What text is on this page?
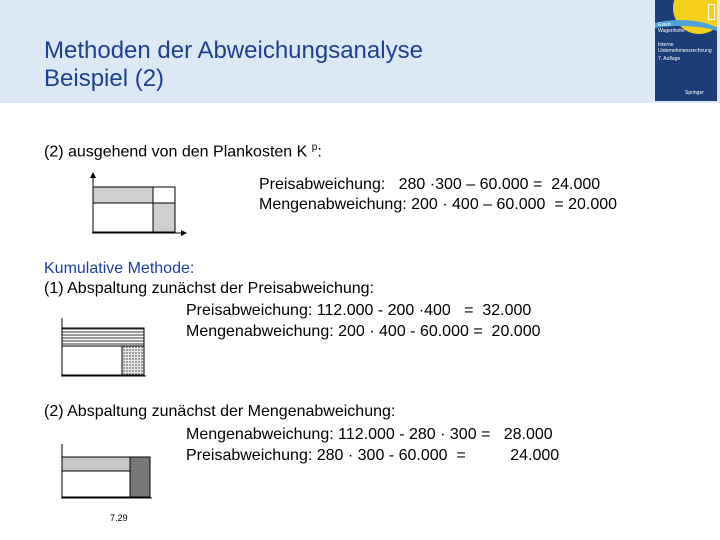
Methoden der Abweichungsanalyse
Beispiel (2)
Ewert
Wagenhofer
Interne
Unternehmensrechnung
7. Auflage
Springer
(2) ausgehend von den Plankosten K $^p$:
Preisabweichung:   280 ·300 – 60.000 =  24.000
Mengenabweichung: 200 · 400 – 60.000  = 20.000
Kumulative Methode:
(1) Abspaltung zunächst der Preisabweichung:
Preisabweichung: 112.000 - 200 ·400   =  32.000
Mengenabweichung: 200 · 400 - 60.000 =  20.000
(2) Abspaltung zunächst der Mengenabweichung:
Mengenabweichung: 112.000 - 280 · 300 =   28.000
Preisabweichung: 280 · 300 - 60.000  =          24.000
7.29
